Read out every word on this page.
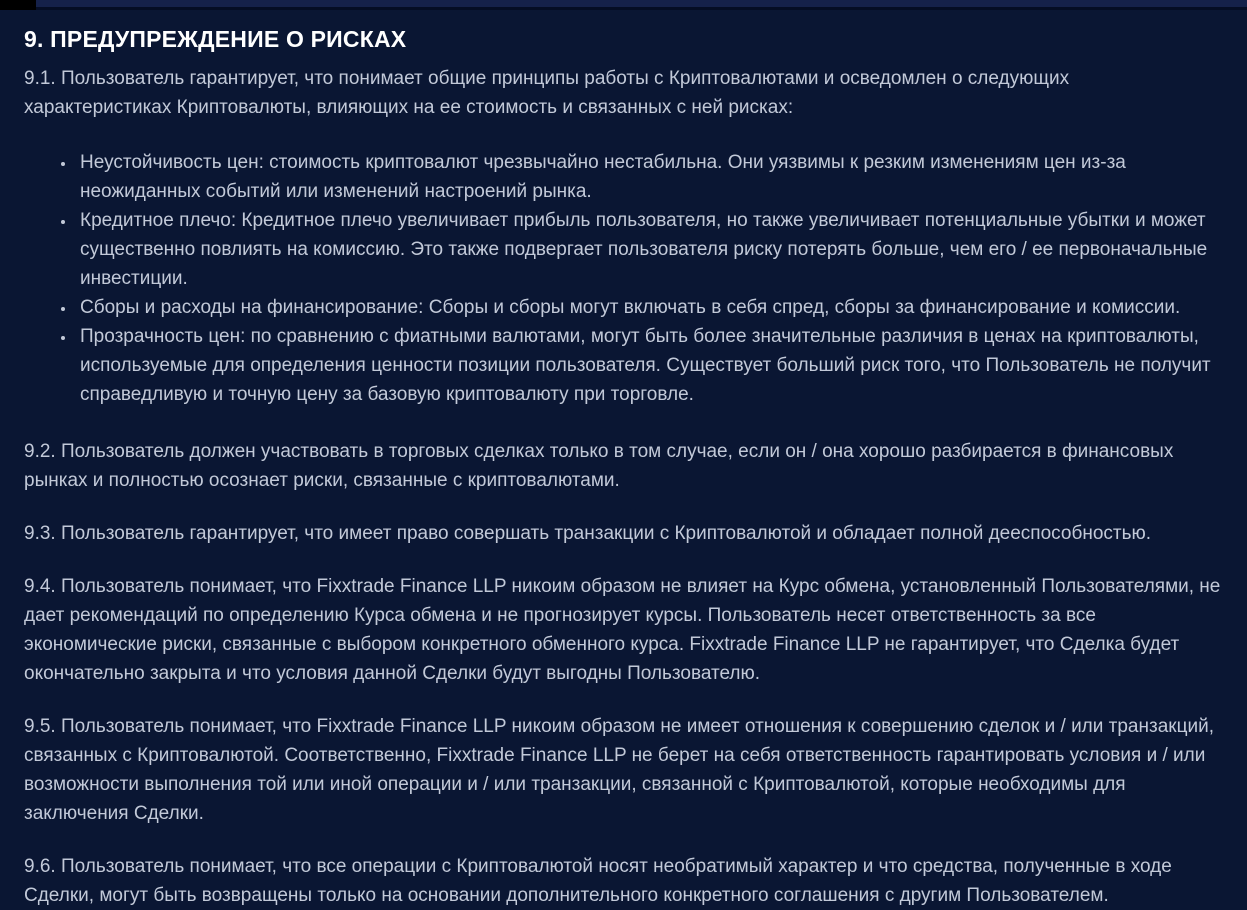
9. ПРЕДУПРЕЖДЕНИЕ О РИСКАХ

9.1. Пользователь гарантирует, что понимает общие принципы работы с Криптовалютами и осведомлен о следующих характеристиках Криптовалюты, влияющих на ее стоимость и связанных с ней рисках:

• Неустойчивость цен: стоимость криптовалют чрезвычайно нестабильна. Они уязвимы к резким изменениям цен из-за неожиданных событий или изменений настроений рынка.
• Кредитное плечо: Кредитное плечо увеличивает прибыль пользователя, но также увеличивает потенциальные убытки и может существенно повлиять на комиссию. Это также подвергает пользователя риску потерять больше, чем его / ее первоначальные инвестиции.
• Сборы и расходы на финансирование: Сборы и сборы могут включать в себя спред, сборы за финансирование и комиссии.
• Прозрачность цен: по сравнению с фиатными валютами, могут быть более значительные различия в ценах на криптовалюты, используемые для определения ценности позиции пользователя. Существует больший риск того, что Пользователь не получит справедливую и точную цену за базовую криптовалюту при торговле.

9.2. Пользователь должен участвовать в торговых сделках только в том случае, если он / она хорошо разбирается в финансовых рынках и полностью осознает риски, связанные с криптовалютами.

9.3. Пользователь гарантирует, что имеет право совершать транзакции с Криптовалютой и обладает полной дееспособностью.

9.4. Пользователь понимает, что Fixxtrade Finance LLP никоим образом не влияет на Курс обмена, установленный Пользователями, не дает рекомендаций по определению Курса обмена и не прогнозирует курсы. Пользователь несет ответственность за все экономические риски, связанные с выбором конкретного обменного курса. Fixxtrade Finance LLP не гарантирует, что Сделка будет окончательно закрыта и что условия данной Сделки будут выгодны Пользователю.

9.5. Пользователь понимает, что Fixxtrade Finance LLP никоим образом не имеет отношения к совершению сделок и / или транзакций, связанных с Криптовалютой. Соответственно, Fixxtrade Finance LLP не берет на себя ответственность гарантировать условия и / или возможности выполнения той или иной операции и / или транзакции, связанной с Криптовалютой, которые необходимы для заключения Сделки.

9.6. Пользователь понимает, что все операции с Криптовалютой носят необратимый характер и что средства, полученные в ходе Сделки, могут быть возвращены только на основании дополнительного конкретного соглашения с другим Пользователем.
